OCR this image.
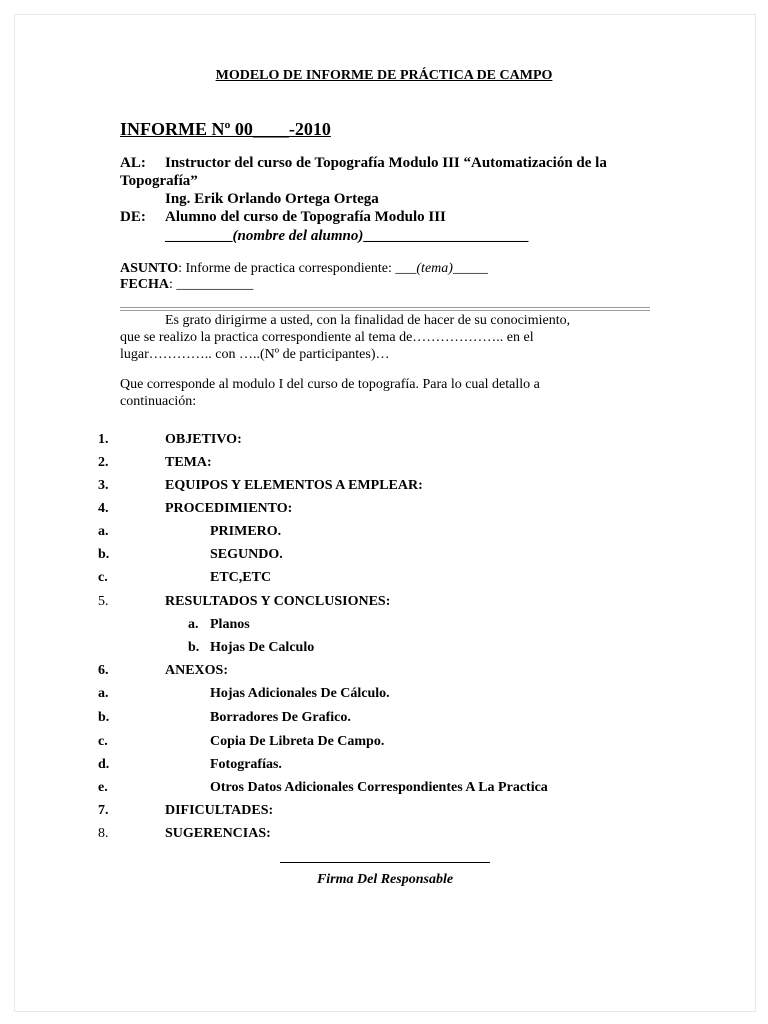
MODELO DE INFORME DE PRÁCTICA DE CAMPO
INFORME Nº 00____-2010
AL: Instructor del curso de Topografía Modulo III “Automatización de la
Topografía”
Ing. Erik Orlando Ortega Ortega
DE: Alumno del curso de Topografía Modulo III
_________(nombre del alumno)______________________
ASUNTO: Informe de practica correspondiente: ___(tema)_____
FECHA: ___________
Es grato dirigirme a usted, con la finalidad de hacer de su conocimiento,
que se realizo la practica correspondiente al tema de……………….. en el
lugar………….. con …..(Nº de participantes)…
Que corresponde al modulo I del curso de topografía. Para lo cual detallo a
continuación:
1.	OBJETIVO:
2.	TEMA:
3.	EQUIPOS Y ELEMENTOS A EMPLEAR:
4.	PROCEDIMIENTO:
a.	PRIMERO.
b.	SEGUNDO.
c.	ETC,ETC
5.	RESULTADOS Y CONCLUSIONES:
a. Planos
b. Hojas De Calculo
6.	ANEXOS:
a.	Hojas Adicionales De Cálculo.
b.	Borradores De Grafico.
c.	Copia De Libreta De Campo.
d.	Fotografías.
e.	Otros Datos Adicionales Correspondientes A La Practica
7.	DIFICULTADES:
8.	SUGERENCIAS:
Firma Del Responsable
